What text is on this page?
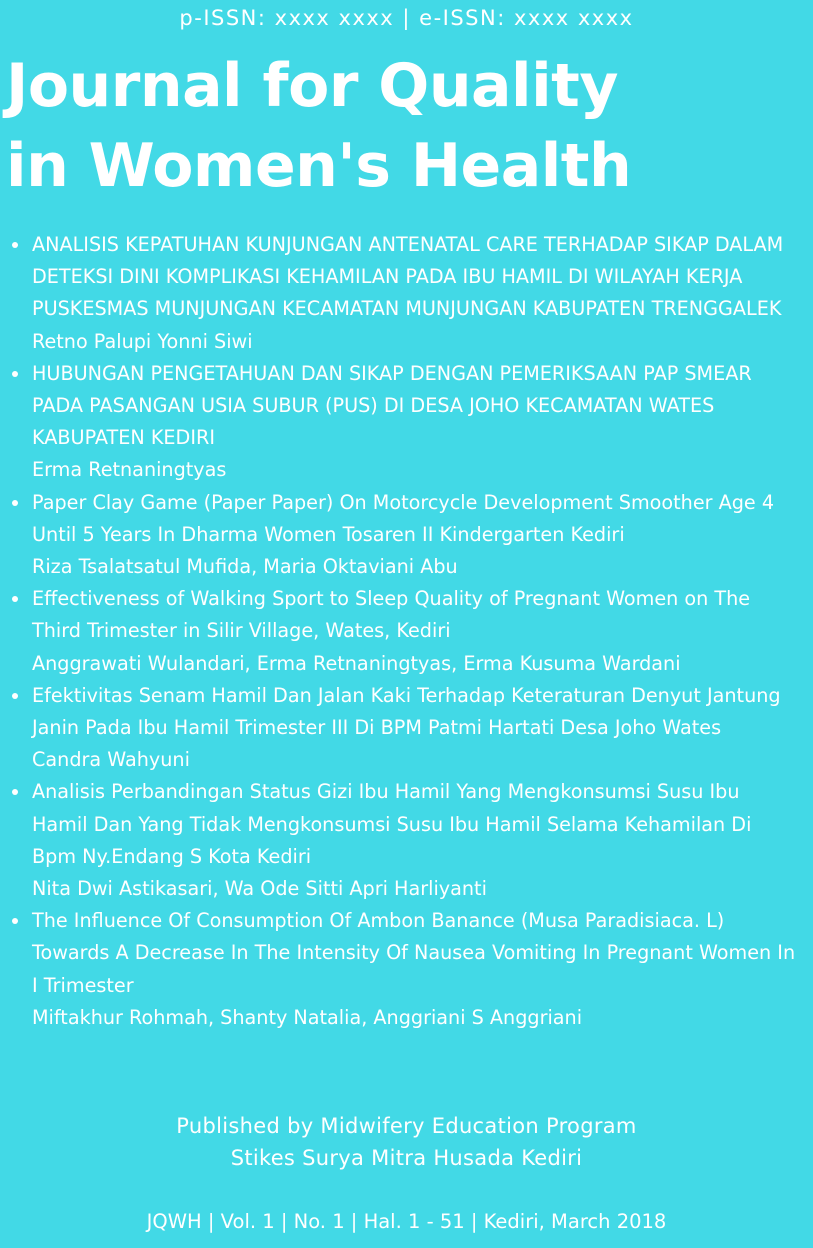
p-ISSN: xxxx xxxx | e-ISSN: xxxx xxxx
Journal for Quality
in Women's Health
ANALISIS KEPATUHAN KUNJUNGAN ANTENATAL CARE TERHADAP SIKAP DALAM DETEKSI DINI KOMPLIKASI KEHAMILAN PADA IBU HAMIL DI WILAYAH KERJA PUSKESMAS MUNJUNGAN KECAMATAN MUNJUNGAN KABUPATEN TRENGGALEK
Retno Palupi Yonni Siwi
HUBUNGAN PENGETAHUAN DAN SIKAP DENGAN PEMERIKSAAN PAP SMEAR PADA PASANGAN USIA SUBUR (PUS) DI DESA JOHO KECAMATAN WATES KABUPATEN KEDIRI
Erma Retnaningtyas
Paper Clay Game (Paper Paper) On Motorcycle Development Smoother Age 4 Until 5 Years In Dharma Women Tosaren II Kindergarten Kediri
Riza Tsalatsatul Mufida, Maria Oktaviani Abu
Effectiveness of Walking Sport to Sleep Quality of Pregnant Women on The Third Trimester in Silir Village, Wates, Kediri
Anggrawati Wulandari, Erma Retnaningtyas, Erma Kusuma Wardani
Efektivitas Senam Hamil Dan Jalan Kaki Terhadap Keteraturan Denyut Jantung Janin Pada Ibu Hamil Trimester III Di BPM Patmi Hartati Desa Joho Wates
Candra Wahyuni
Analisis Perbandingan Status Gizi Ibu Hamil Yang Mengkonsumsi Susu Ibu Hamil Dan Yang Tidak Mengkonsumsi Susu Ibu Hamil Selama Kehamilan Di Bpm Ny.Endang S Kota Kediri
Nita Dwi Astikasari, Wa Ode Sitti Apri Harliyanti
The Influence Of Consumption Of Ambon Banance (Musa Paradisiaca. L) Towards A Decrease In The Intensity Of Nausea Vomiting In Pregnant Women In I Trimester
Miftakhur Rohmah, Shanty Natalia, Anggriani S Anggriani
Published by Midwifery Education Program
Stikes Surya Mitra Husada Kediri
JQWH | Vol. 1 | No. 1 | Hal. 1 - 51 | Kediri, March 2018
